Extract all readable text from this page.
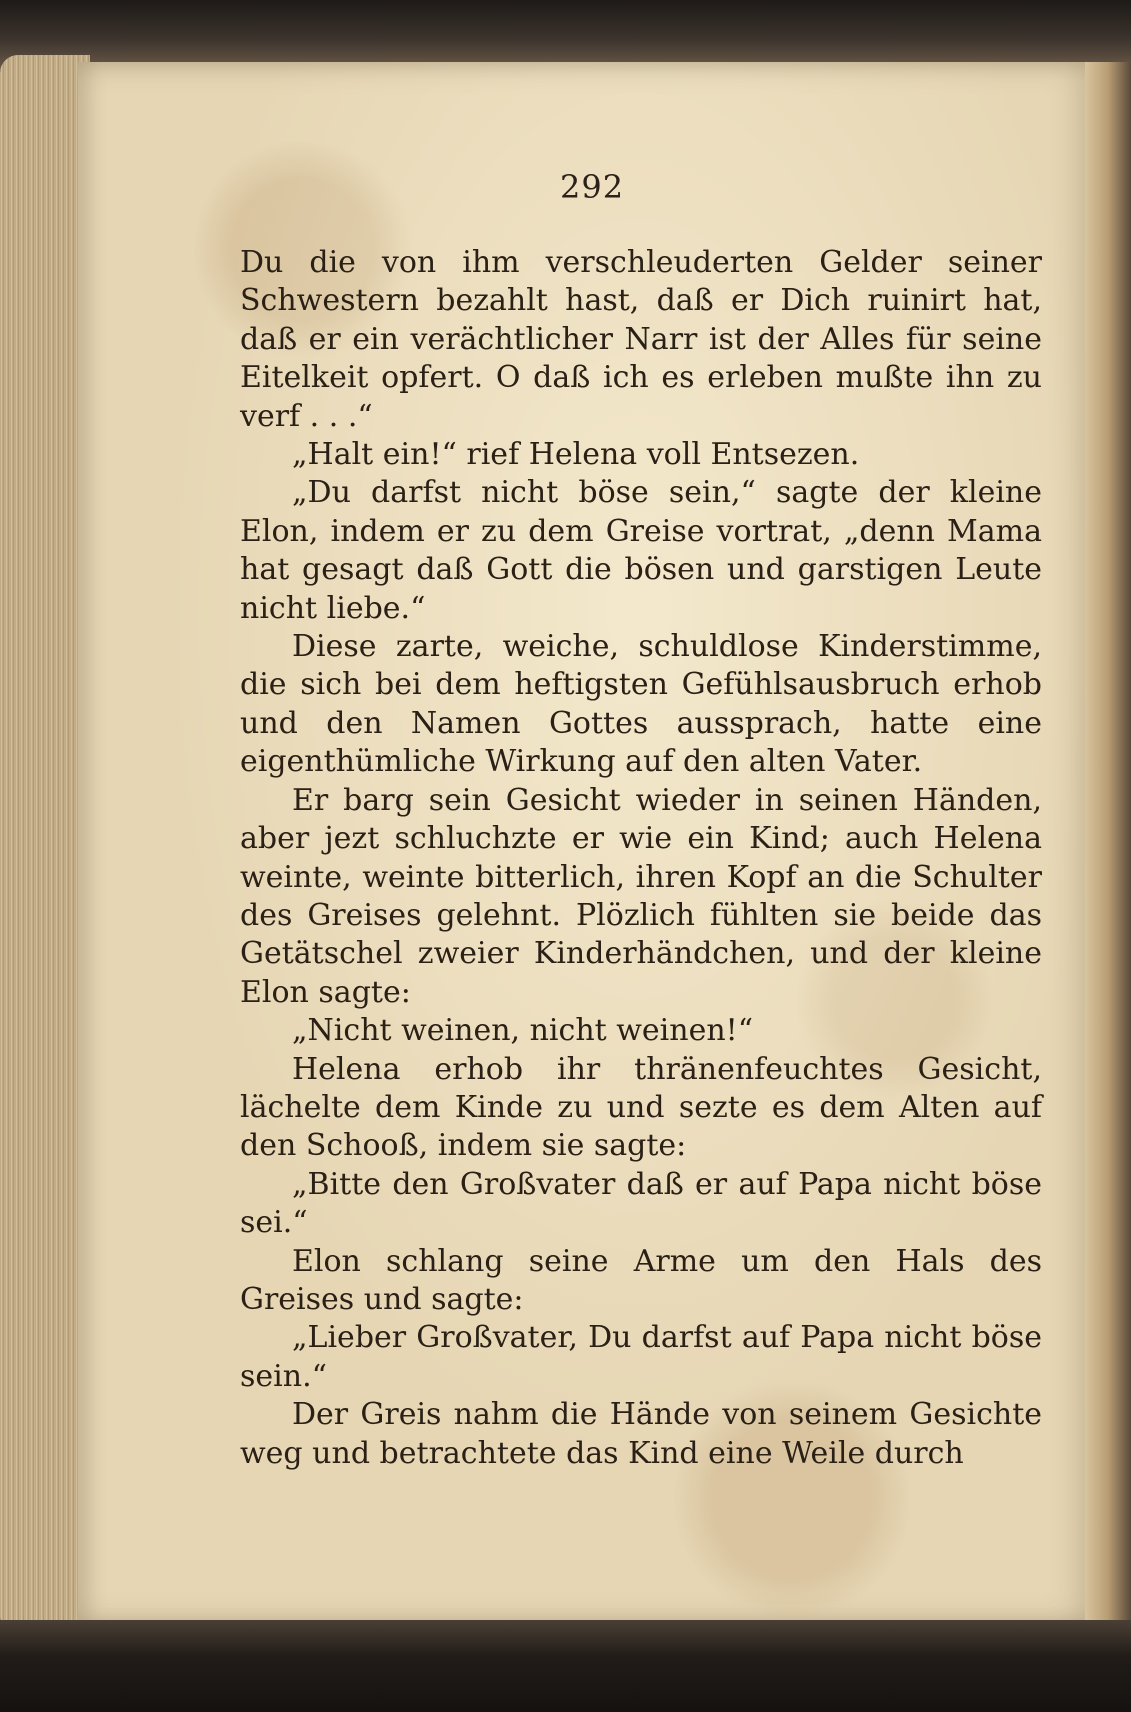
292

Du die von ihm verschleuderten Gelder seiner Schwestern bezahlt hast, daß er Dich ruinirt hat, daß er ein verächtlicher Narr ist der Alles für seine Eitelkeit opfert. O daß ich es erleben mußte ihn zu verf . . .“

„Halt ein!“ rief Helena voll Entsezen.

„Du darfst nicht böse sein,“ sagte der kleine Elon, indem er zu dem Greise vortrat, „denn Mama hat gesagt daß Gott die bösen und garstigen Leute nicht liebe.“

Diese zarte, weiche, schuldlose Kinderstimme, die sich bei dem heftigsten Gefühlsausbruch erhob und den Namen Gottes aussprach, hatte eine eigenthümliche Wirkung auf den alten Vater.

Er barg sein Gesicht wieder in seinen Händen, aber jezt schluchzte er wie ein Kind; auch Helena weinte, weinte bitterlich, ihren Kopf an die Schulter des Greises gelehnt. Plözlich fühlten sie beide das Getätschel zweier Kinderhändchen, und der kleine Elon sagte:

„Nicht weinen, nicht weinen!“

Helena erhob ihr thränenfeuchtes Gesicht, lächelte dem Kinde zu und sezte es dem Alten auf den Schooß, indem sie sagte:

„Bitte den Großvater daß er auf Papa nicht böse sei.“

Elon schlang seine Arme um den Hals des Greises und sagte:

„Lieber Großvater, Du darfst auf Papa nicht böse sein.“

Der Greis nahm die Hände von seinem Gesichte weg und betrachtete das Kind eine Weile durch
